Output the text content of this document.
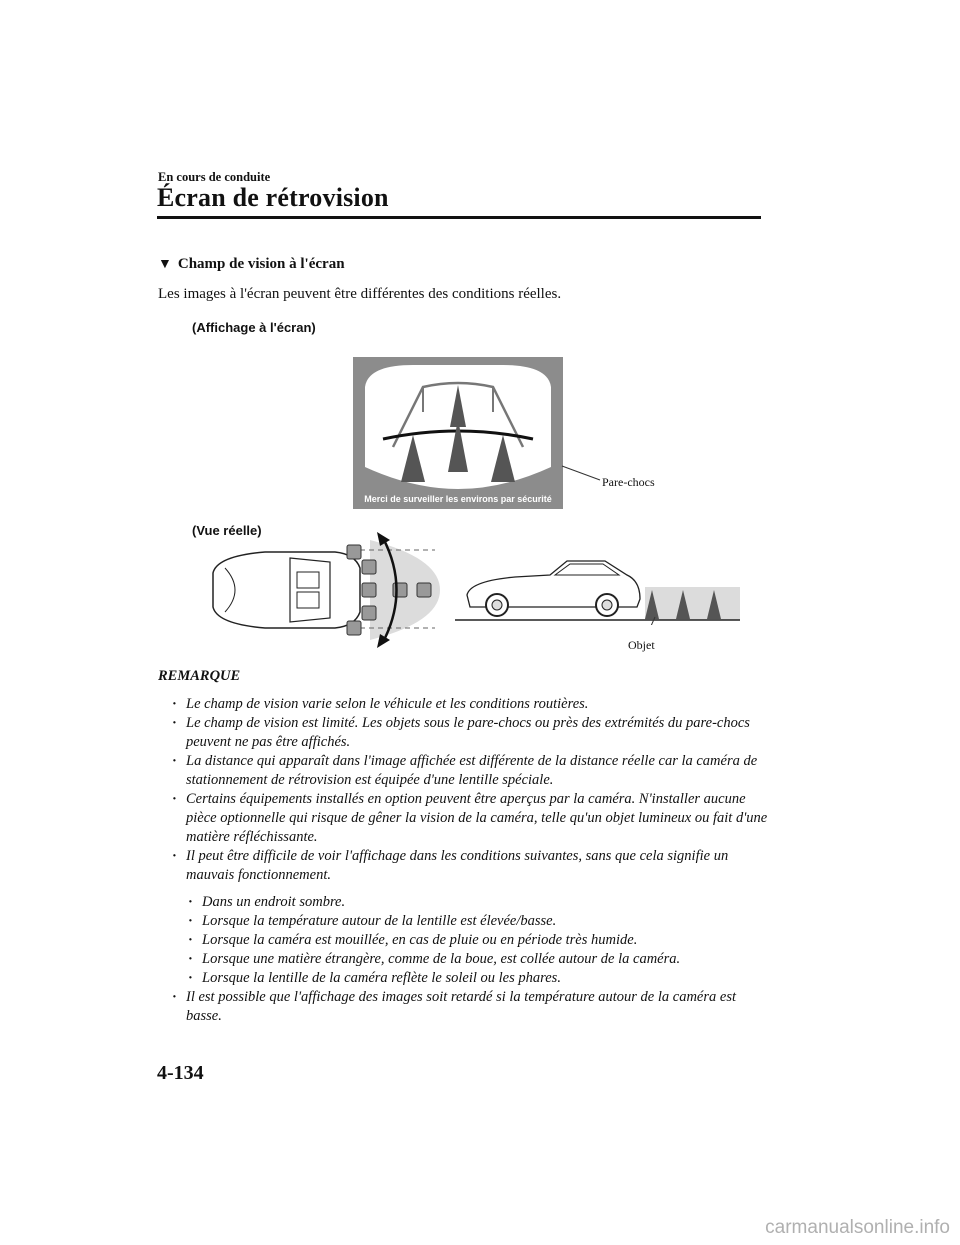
En cours de conduite
Écran de rétrovision
▼ Champ de vision à l'écran
Les images à l'écran peuvent être différentes des conditions réelles.
(Affichage à l'écran)
Merci de surveiller les environs par sécurité
Pare-chocs
(Vue réelle)
Objet
REMARQUE
· Le champ de vision varie selon le véhicule et les conditions routières.
· Le champ de vision est limité. Les objets sous le pare-chocs ou près des extrémités du pare-chocs peuvent ne pas être affichés.
· La distance qui apparaît dans l'image affichée est différente de la distance réelle car la caméra de stationnement de rétrovision est équipée d'une lentille spéciale.
· Certains équipements installés en option peuvent être aperçus par la caméra. N'installer aucune pièce optionnelle qui risque de gêner la vision de la caméra, telle qu'un objet lumineux ou fait d'une matière réfléchissante.
· Il peut être difficile de voir l'affichage dans les conditions suivantes, sans que cela signifie un mauvais fonctionnement.
· Dans un endroit sombre.
· Lorsque la température autour de la lentille est élevée/basse.
· Lorsque la caméra est mouillée, en cas de pluie ou en période très humide.
· Lorsque une matière étrangère, comme de la boue, est collée autour de la caméra.
· Lorsque la lentille de la caméra reflète le soleil ou les phares.
· Il est possible que l'affichage des images soit retardé si la température autour de la caméra est basse.
4-134
carmanualsonline.info
